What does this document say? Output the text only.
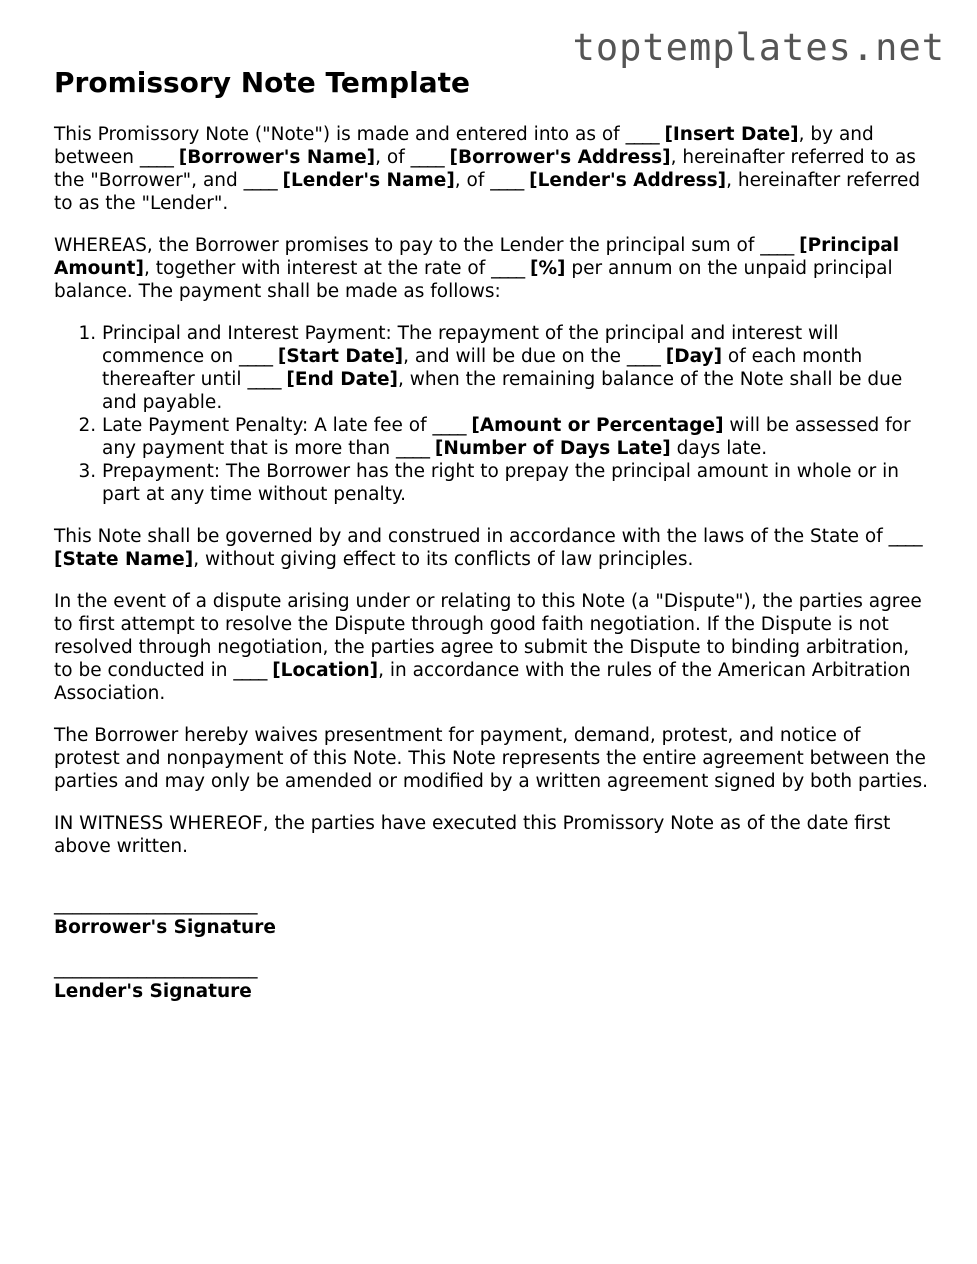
toptemplates.net
Promissory Note Template

This Promissory Note ("Note") is made and entered into as of ____ [Insert Date], by and between ____ [Borrower's Name], of ____ [Borrower's Address], hereinafter referred to as the "Borrower", and ____ [Lender's Name], of ____ [Lender's Address], hereinafter referred to as the "Lender".

WHEREAS, the Borrower promises to pay to the Lender the principal sum of ____ [Principal Amount], together with interest at the rate of ____ [%] per annum on the unpaid principal balance. The payment shall be made as follows:

1. Principal and Interest Payment: The repayment of the principal and interest will commence on ____ [Start Date], and will be due on the ____ [Day] of each month thereafter until ____ [End Date], when the remaining balance of the Note shall be due and payable.
2. Late Payment Penalty: A late fee of ____ [Amount or Percentage] will be assessed for any payment that is more than ____ [Number of Days Late] days late.
3. Prepayment: The Borrower has the right to prepay the principal amount in whole or in part at any time without penalty.

This Note shall be governed by and construed in accordance with the laws of the State of ____ [State Name], without giving effect to its conflicts of law principles.

In the event of a dispute arising under or relating to this Note (a "Dispute"), the parties agree to first attempt to resolve the Dispute through good faith negotiation. If the Dispute is not resolved through negotiation, the parties agree to submit the Dispute to binding arbitration, to be conducted in ____ [Location], in accordance with the rules of the American Arbitration Association.

The Borrower hereby waives presentment for payment, demand, protest, and notice of protest and nonpayment of this Note. This Note represents the entire agreement between the parties and may only be amended or modified by a written agreement signed by both parties.

IN WITNESS WHEREOF, the parties have executed this Promissory Note as of the date first above written.

______________________
Borrower's Signature
______________________
Lender's Signature
